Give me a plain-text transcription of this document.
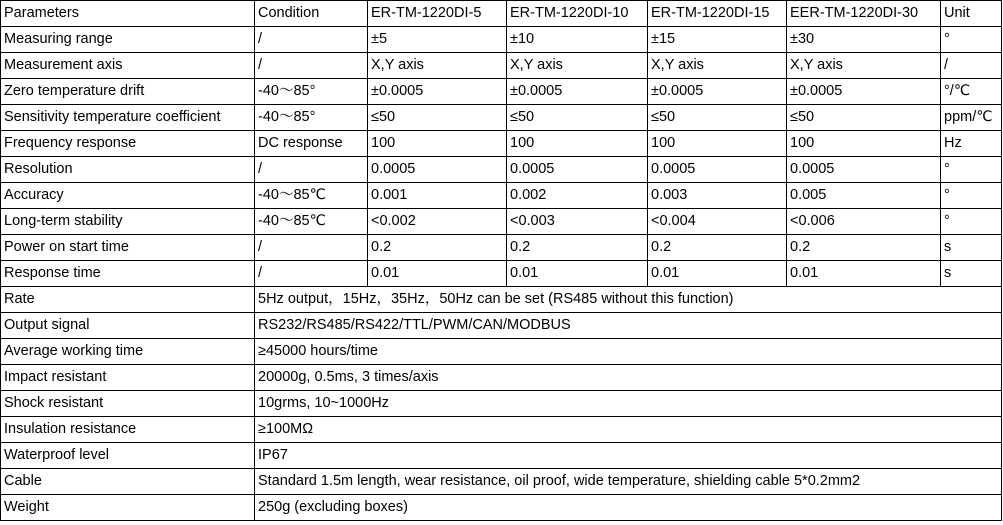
Parameters	Condition	ER-TM-1220DI-5	ER-TM-1220DI-10	ER-TM-1220DI-15	EER-TM-1220DI-30	Unit
Measuring range	/	±5	±10	±15	±30	°
Measurement axis	/	X,Y axis	X,Y axis	X,Y axis	X,Y axis	/
Zero temperature drift	-40～85°	±0.0005	±0.0005	±0.0005	±0.0005	°/℃
Sensitivity temperature coefficient	-40～85°	≤50	≤50	≤50	≤50	ppm/℃
Frequency response	DC response	100	100	100	100	Hz
Resolution	/	0.0005	0.0005	0.0005	0.0005	°
Accuracy	-40～85℃	0.001	0.002	0.003	0.005	°
Long-term stability	-40～85℃	<0.002	<0.003	<0.004	<0.006	°
Power on start time	/	0.2	0.2	0.2	0.2	s
Response time	/	0.01	0.01	0.01	0.01	s
Rate	5Hz output，15Hz，35Hz，50Hz can be set (RS485 without this function)					
Output signal	RS232/RS485/RS422/TTL/PWM/CAN/MODBUS					
Average working time	≥45000 hours/time					
Impact resistant	20000g, 0.5ms, 3 times/axis					
Shock resistant	10grms, 10~1000Hz					
Insulation resistance	≥100MΩ					
Waterproof level	IP67					
Cable	Standard 1.5m length, wear resistance, oil proof, wide temperature, shielding cable 5*0.2mm2					
Weight	250g (excluding boxes)					
